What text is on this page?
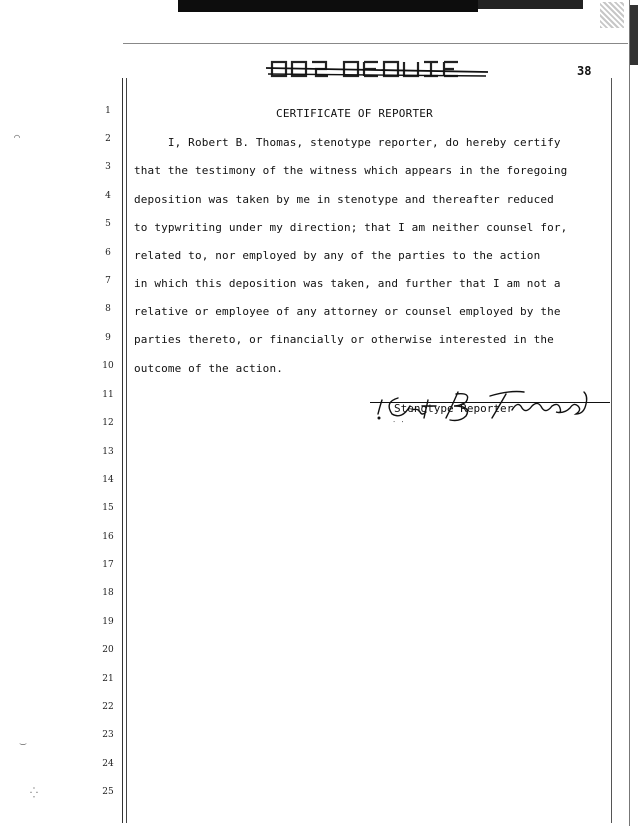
⌒
‿
⁛
38
CERTIFICATE OF REPORTER
1
2
3
4
5
6
7
8
9
10
11
12
13
14
15
16
17
18
19
20
21
22
23
24
25
I, Robert B. Thomas, stenotype reporter, do hereby certify
that the testimony of the witness which appears in the foregoing
deposition was taken by me in stenotype and thereafter reduced
to typwriting under my direction; that I am neither counsel for,
related to, nor employed by any of the parties to the action
in which this deposition was taken, and further that I am not a
relative or employee of any attorney or counsel employed by the
parties thereto, or financially or otherwise interested in the
outcome of the action.
Stenotype Reporter
⋅ ⋅
